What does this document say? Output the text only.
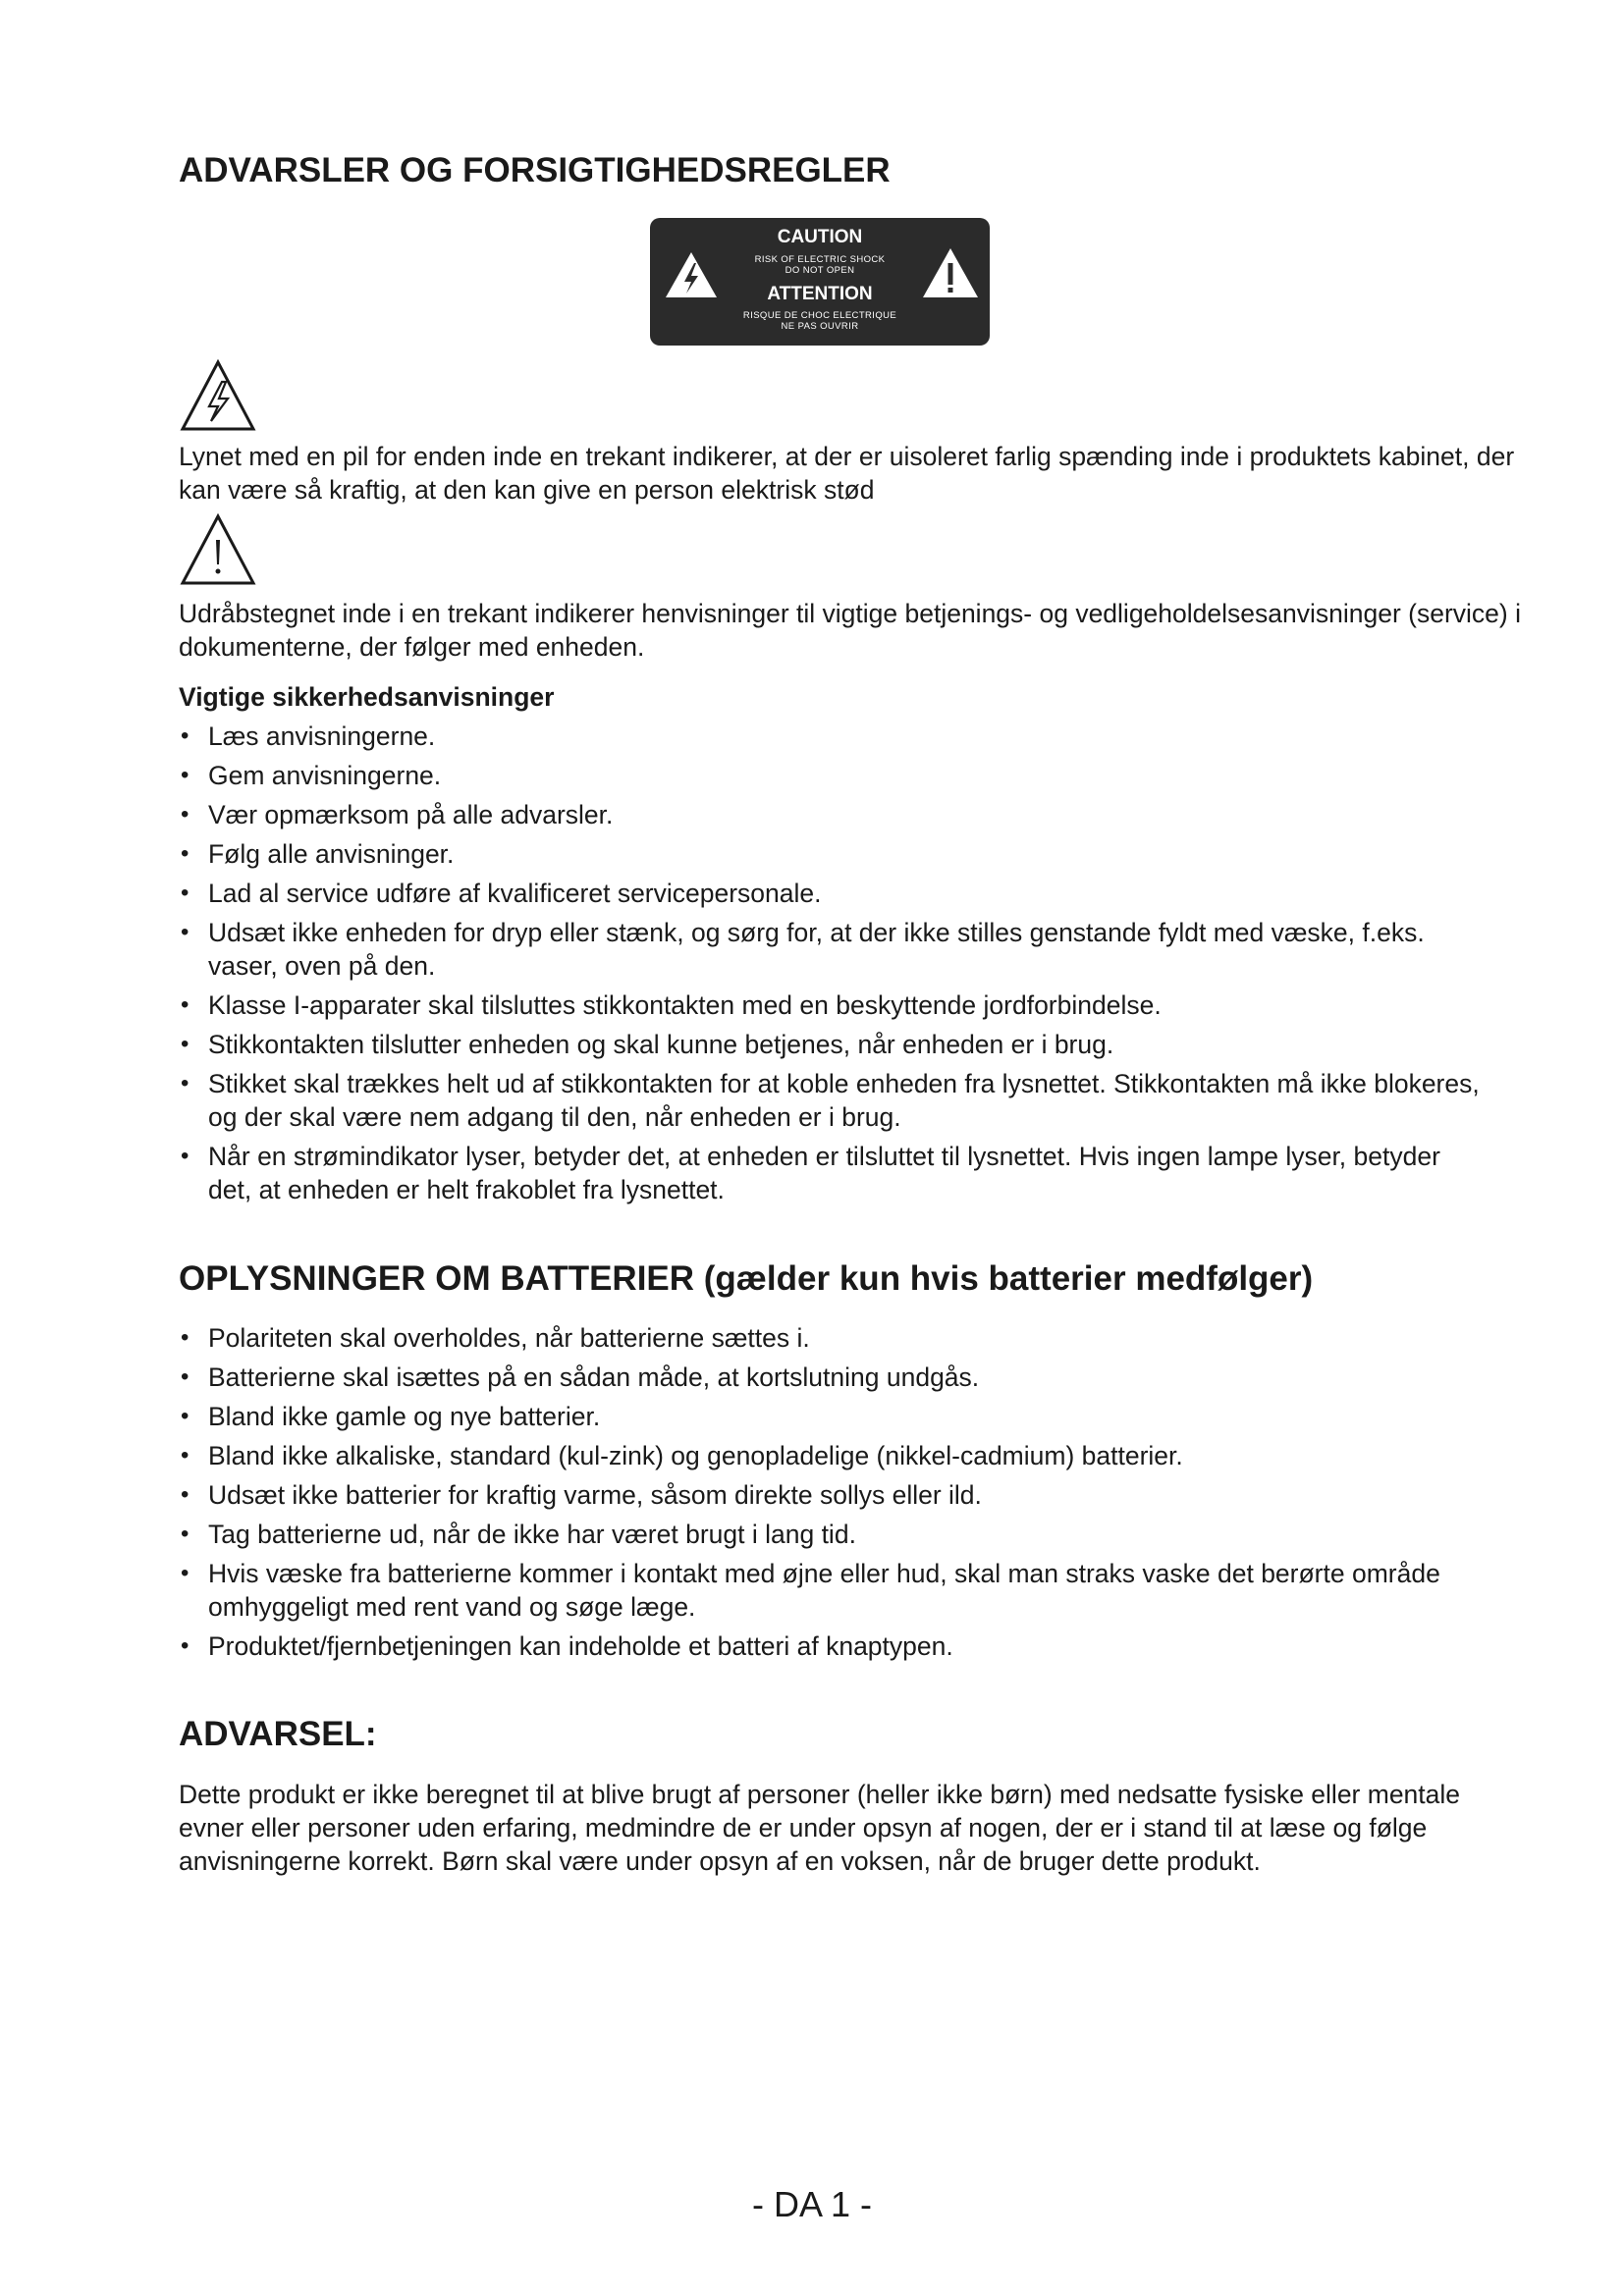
ADVARSLER OG FORSIGTIGHEDSREGLER
CAUTION
RISK OF ELECTRIC SHOCK
DO NOT OPEN
ATTENTION
RISQUE DE CHOC ELECTRIQUE
NE PAS OUVRIR

Lynet med en pil for enden inde en trekant indikerer, at der er uisoleret farlig spænding inde i produktets kabinet, der kan være så kraftig, at den kan give en person elektrisk stød

Udråbstegnet inde i en trekant indikerer henvisninger til vigtige betjenings- og vedligeholdelsesanvisninger (service) i dokumenterne, der følger med enheden.

Vigtige sikkerhedsanvisninger

• Læs anvisningerne.
• Gem anvisningerne.
• Vær opmærksom på alle advarsler.
• Følg alle anvisninger.
• Lad al service udføre af kvalificeret servicepersonale.
• Udsæt ikke enheden for dryp eller stænk, og sørg for, at der ikke stilles genstande fyldt med væske, f.eks. vaser, oven på den.
• Klasse I-apparater skal tilsluttes stikkontakten med en beskyttende jordforbindelse.
• Stikkontakten tilslutter enheden og skal kunne betjenes, når enheden er i brug.
• Stikket skal trækkes helt ud af stikkontakten for at koble enheden fra lysnettet. Stikkontakten må ikke blokeres, og der skal være nem adgang til den, når enheden er i brug.
• Når en strømindikator lyser, betyder det, at enheden er tilsluttet til lysnettet. Hvis ingen lampe lyser, betyder det, at enheden er helt frakoblet fra lysnettet.
OPLYSNINGER OM BATTERIER (gælder kun hvis batterier medfølger)
• Polariteten skal overholdes, når batterierne sættes i.
• Batterierne skal isættes på en sådan måde, at kortslutning undgås.
• Bland ikke gamle og nye batterier.
• Bland ikke alkaliske, standard (kul-zink) og genopladelige (nikkel-cadmium) batterier.
• Udsæt ikke batterier for kraftig varme, såsom direkte sollys eller ild.
• Tag batterierne ud, når de ikke har været brugt i lang tid.
• Hvis væske fra batterierne kommer i kontakt med øjne eller hud, skal man straks vaske det berørte område omhyggeligt med rent vand og søge læge.
• Produktet/fjernbetjeningen kan indeholde et batteri af knaptypen.
ADVARSEL:

Dette produkt er ikke beregnet til at blive brugt af personer (heller ikke børn) med nedsatte fysiske eller mentale evner eller personer uden erfaring, medmindre de er under opsyn af nogen, der er i stand til at læse og følge anvisningerne korrekt. Børn skal være under opsyn af en voksen, når de bruger dette produkt.

- DA 1 -
